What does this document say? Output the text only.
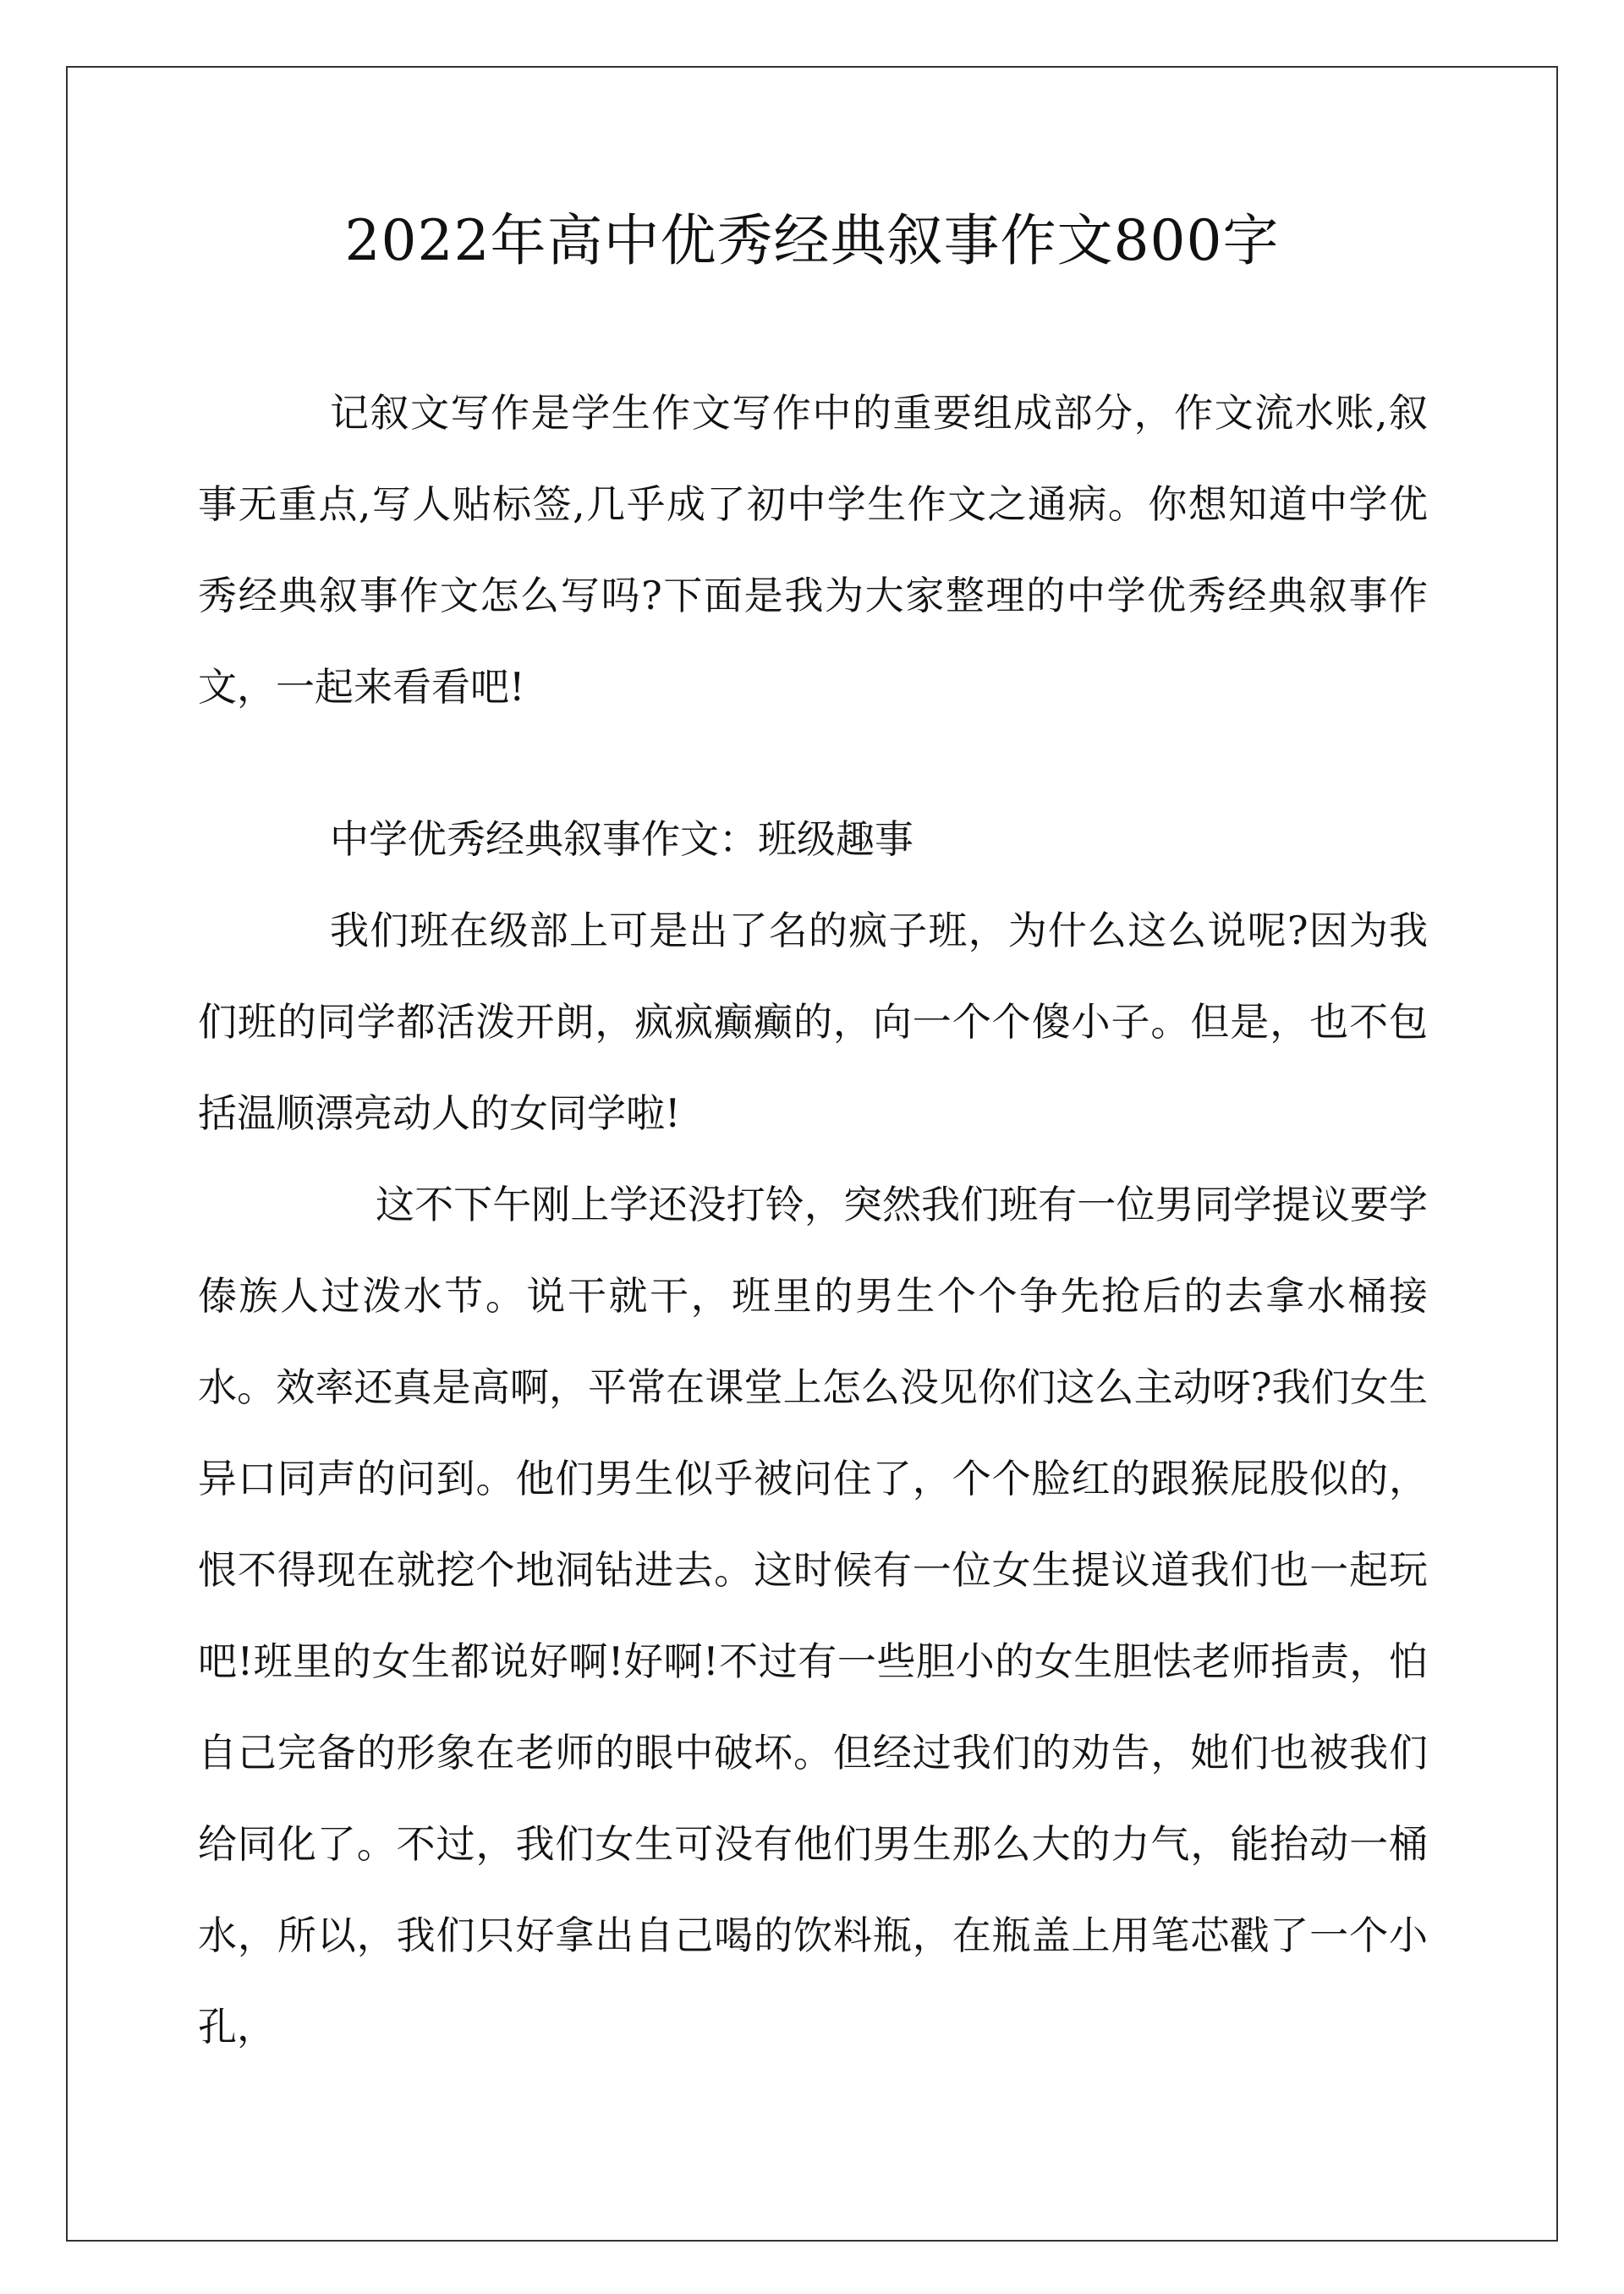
2022年高中优秀经典叙事作文800字

记叙文写作是学生作文写作中的重要组成部分，作文流水账,叙事无重点,写人贴标签,几乎成了初中学生作文之通病。你想知道中学优秀经典叙事作文怎么写吗?下面是我为大家整理的中学优秀经典叙事作文，一起来看看吧!

中学优秀经典叙事作文：班级趣事

我们班在级部上可是出了名的疯子班，为什么这么说呢?因为我们班的同学都活泼开朗，疯疯癫癫的，向一个个傻小子。但是，也不包括温顺漂亮动人的女同学啦!

这不下午刚上学还没打铃，突然我们班有一位男同学提议要学傣族人过泼水节。说干就干，班里的男生个个争先抢后的去拿水桶接水。效率还真是高啊，平常在课堂上怎么没见你们这么主动呀?我们女生异口同声的问到。他们男生似乎被问住了，个个脸红的跟猴屁股似的，恨不得现在就挖个地洞钻进去。这时候有一位女生提议道我们也一起玩吧!班里的女生都说好啊!好啊!不过有一些胆小的女生胆怯老师指责，怕自己完备的形象在老师的眼中破坏。但经过我们的劝告，她们也被我们给同化了。不过，我们女生可没有他们男生那么大的力气，能抬动一桶水，所以，我们只好拿出自己喝的饮料瓶，在瓶盖上用笔芯戳了一个小孔，
